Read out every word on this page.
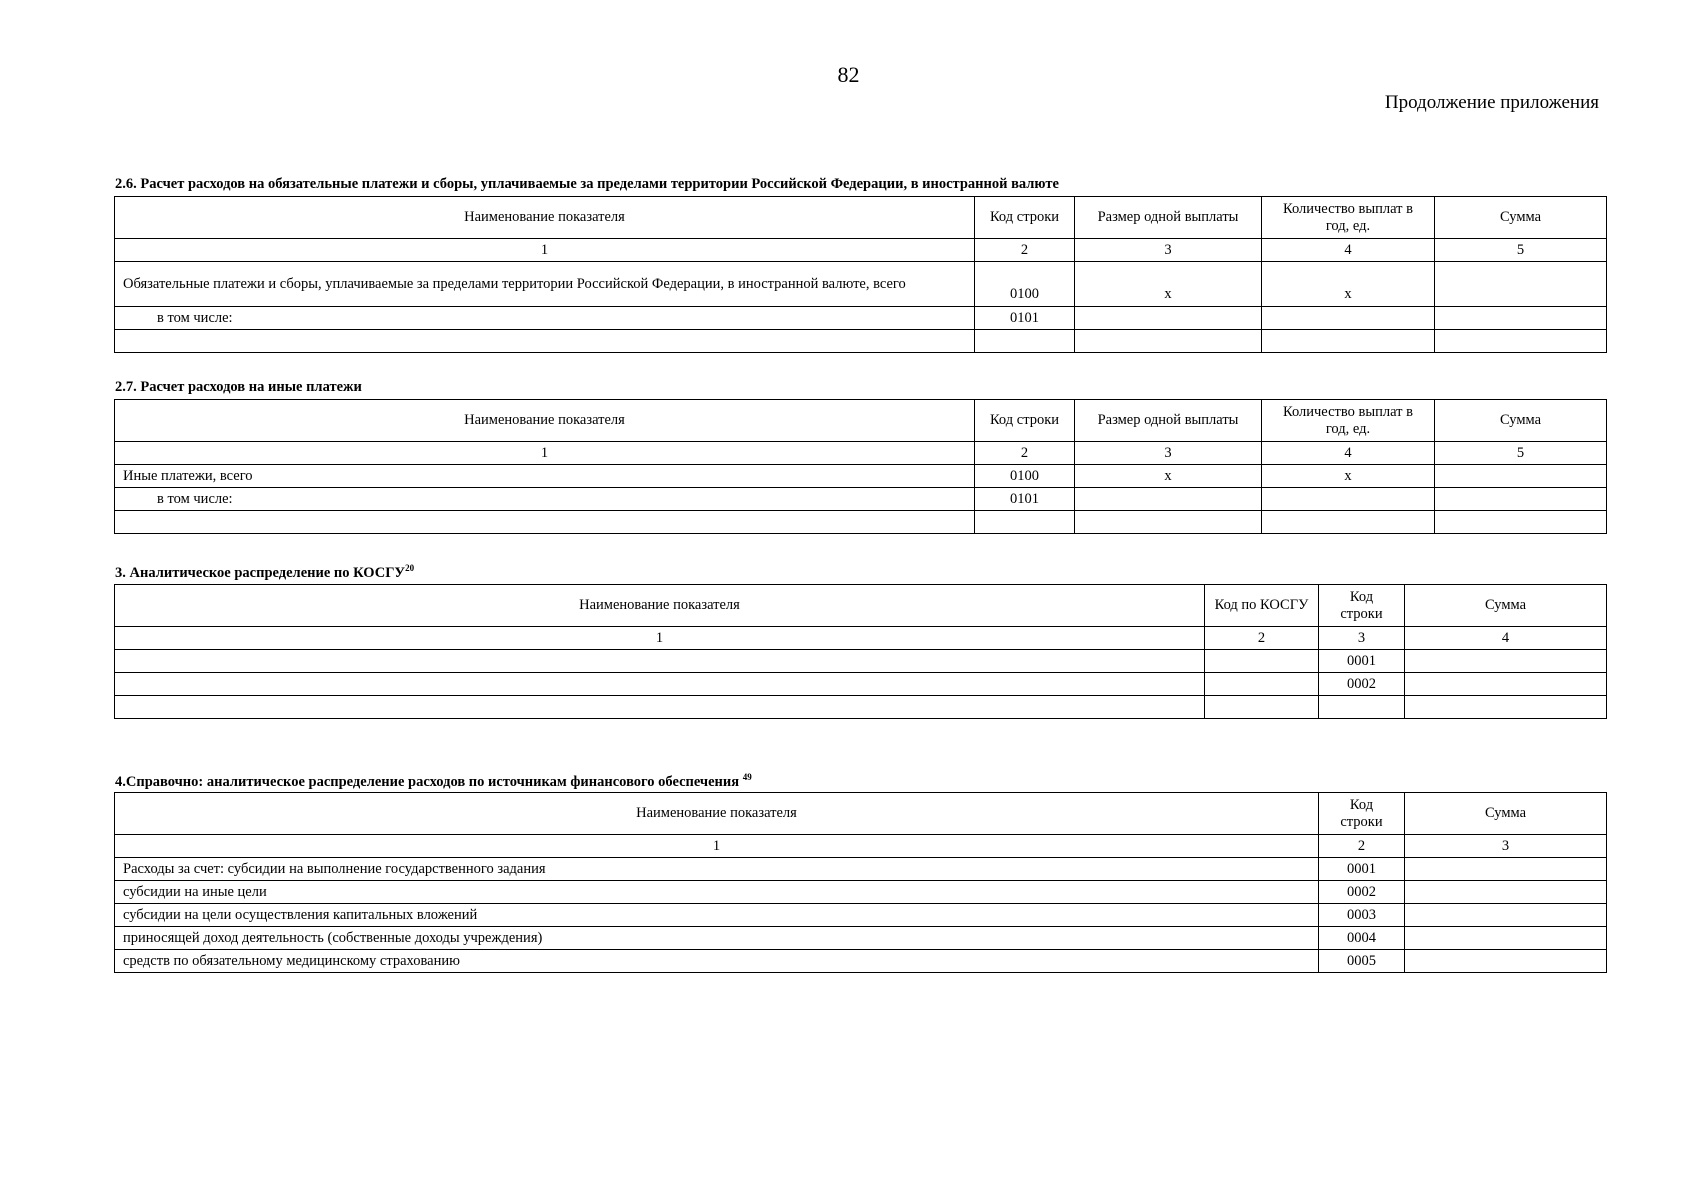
82
Продолжение приложения
2.6. Расчет расходов на обязательные платежи и сборы, уплачиваемые за пределами территории Российской Федерации, в иностранной валюте
Наименование показателя	Код строки	Размер одной выплаты	Количество выплат в год, ед.	Сумма
1	2	3	4	5
Обязательные платежи и сборы, уплачиваемые за пределами территории Российской Федерации, в иностранной валюте, всего	0100	x	x	
в том числе:	0101			

2.7. Расчет расходов на иные платежи
Наименование показателя	Код строки	Размер одной выплаты	Количество выплат в год, ед.	Сумма
1	2	3	4	5
Иные платежи, всего	0100	x	x	
в том числе:	0101			

3. Аналитическое распределение по КОСГУ$^{20}$
Наименование показателя	Код по КОСГУ	Код строки	Сумма
1	2	3	4
		0001	
		0002	

4.Справочно: аналитическое распределение расходов по источникам финансового обеспечения $^{49}$
Наименование показателя	Код строки	Сумма
1	2	3
Расходы за счет: субсидии на выполнение государственного задания	0001	
субсидии на иные цели	0002	
субсидии на цели осуществления капитальных вложений	0003	
приносящей доход деятельность (собственные доходы учреждения)	0004	
средств по обязательному медицинскому страхованию	0005	
